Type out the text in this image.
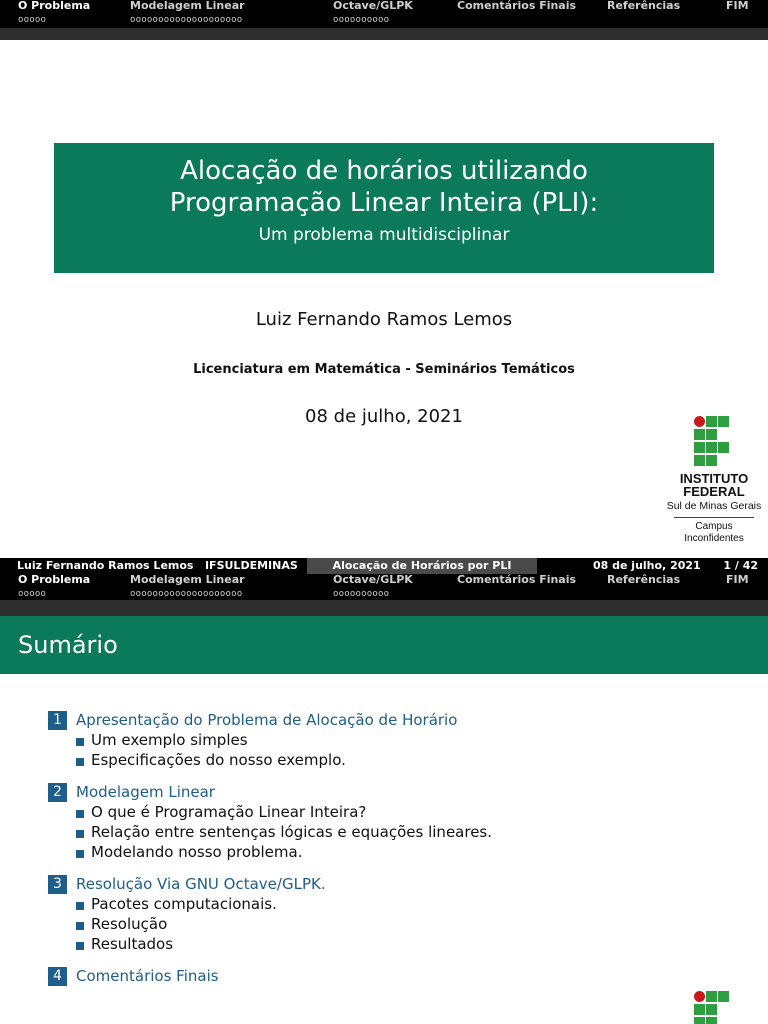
O Problema
ooooo
Modelagem Linear
oooooooooooooooooooo
Octave/GLPK
oooooooooo
Comentários Finais	Referências	FIM
Alocação de horários utilizando
Programação Linear Inteira (PLI):
Um problema multidisciplinar
Luiz Fernando Ramos Lemos
Licenciatura em Matemática - Seminários Temáticos
08 de julho, 2021
INSTITUTO
FEDERAL
Sul de Minas Gerais
Campus
Inconfidentes
Luiz Fernando Ramos Lemos IFSULDEMINAS	Alocação de Horários por PLI	08 de julho, 2021 1 / 42
O Problema
ooooo
Modelagem Linear
oooooooooooooooooooo
Octave/GLPK
oooooooooo
Comentários Finais	Referências	FIM
Sumário
1 Apresentação do Problema de Alocação de Horário
Um exemplo simples
Especificações do nosso exemplo.
2 Modelagem Linear
O que é Programação Linear Inteira?
Relação entre sentenças lógicas e equações lineares.
Modelando nosso problema.
3 Resolução Via GNU Octave/GLPK.
Pacotes computacionais.
Resolução
Resultados
4 Comentários Finais
